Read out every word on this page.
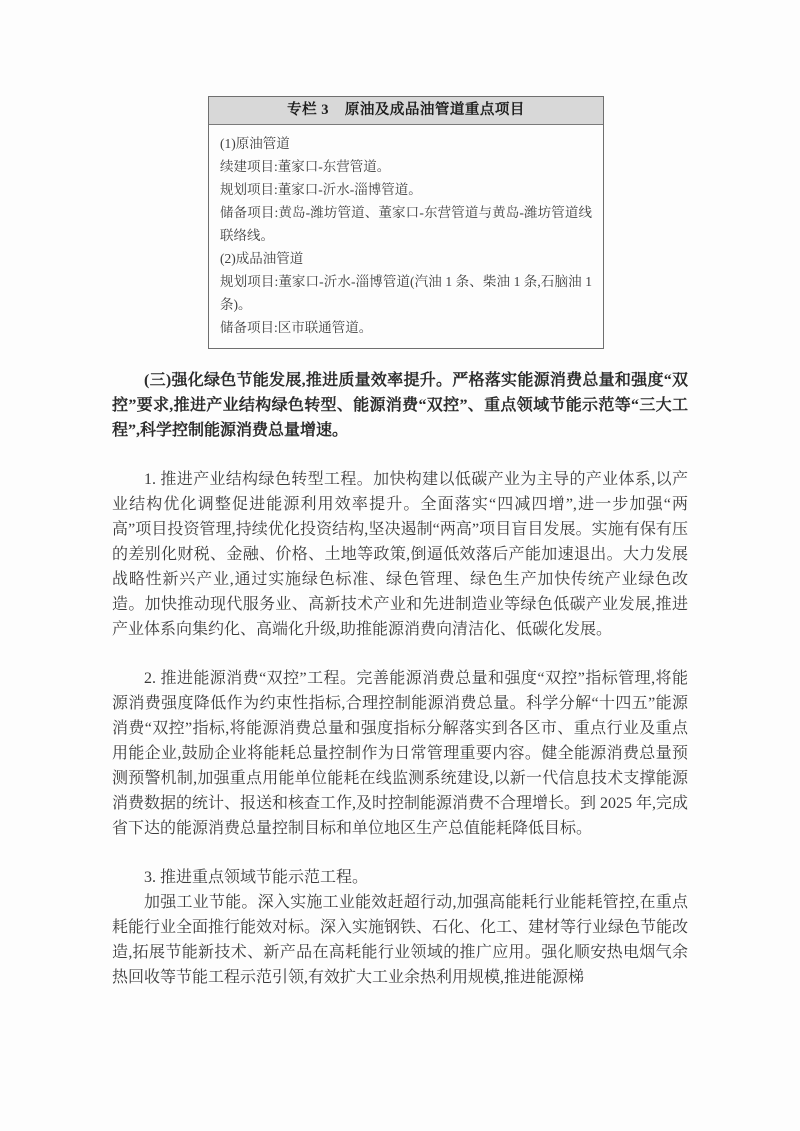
专栏 3 原油及成品油管道重点项目

(1)原油管道

续建项目:董家口-东营管道。

规划项目:董家口-沂水-淄博管道。

储备项目:黄岛-潍坊管道、董家口-东营管道与黄岛-潍坊管道线联络线。

(2)成品油管道

规划项目:董家口-沂水-淄博管道(汽油 1 条、柴油 1 条,石脑油 1 条)。

储备项目:区市联通管道。

(三)强化绿色节能发展,推进质量效率提升。严格落实能源消费总量和强度“双控”要求,推进产业结构绿色转型、能源消费“双控”、重点领域节能示范等“三大工程”,科学控制能源消费总量增速。

1. 推进产业结构绿色转型工程。加快构建以低碳产业为主导的产业体系,以产业结构优化调整促进能源利用效率提升。全面落实“四减四增”,进一步加强“两高”项目投资管理,持续优化投资结构,坚决遏制“两高”项目盲目发展。实施有保有压的差别化财税、金融、价格、土地等政策,倒逼低效落后产能加速退出。大力发展战略性新兴产业,通过实施绿色标准、绿色管理、绿色生产加快传统产业绿色改造。加快推动现代服务业、高新技术产业和先进制造业等绿色低碳产业发展,推进产业体系向集约化、高端化升级,助推能源消费向清洁化、低碳化发展。

2. 推进能源消费“双控”工程。完善能源消费总量和强度“双控”指标管理,将能源消费强度降低作为约束性指标,合理控制能源消费总量。科学分解“十四五”能源消费“双控”指标,将能源消费总量和强度指标分解落实到各区市、重点行业及重点用能企业,鼓励企业将能耗总量控制作为日常管理重要内容。健全能源消费总量预测预警机制,加强重点用能单位能耗在线监测系统建设,以新一代信息技术支撑能源消费数据的统计、报送和核查工作,及时控制能源消费不合理增长。到 2025 年,完成省下达的能源消费总量控制目标和单位地区生产总值能耗降低目标。

3. 推进重点领域节能示范工程。

加强工业节能。深入实施工业能效赶超行动,加强高能耗行业能耗管控,在重点耗能行业全面推行能效对标。深入实施钢铁、石化、化工、建材等行业绿色节能改造,拓展节能新技术、新产品在高耗能行业领域的推广应用。强化顺安热电烟气余热回收等节能工程示范引领,有效扩大工业余热利用规模,推进能源梯
